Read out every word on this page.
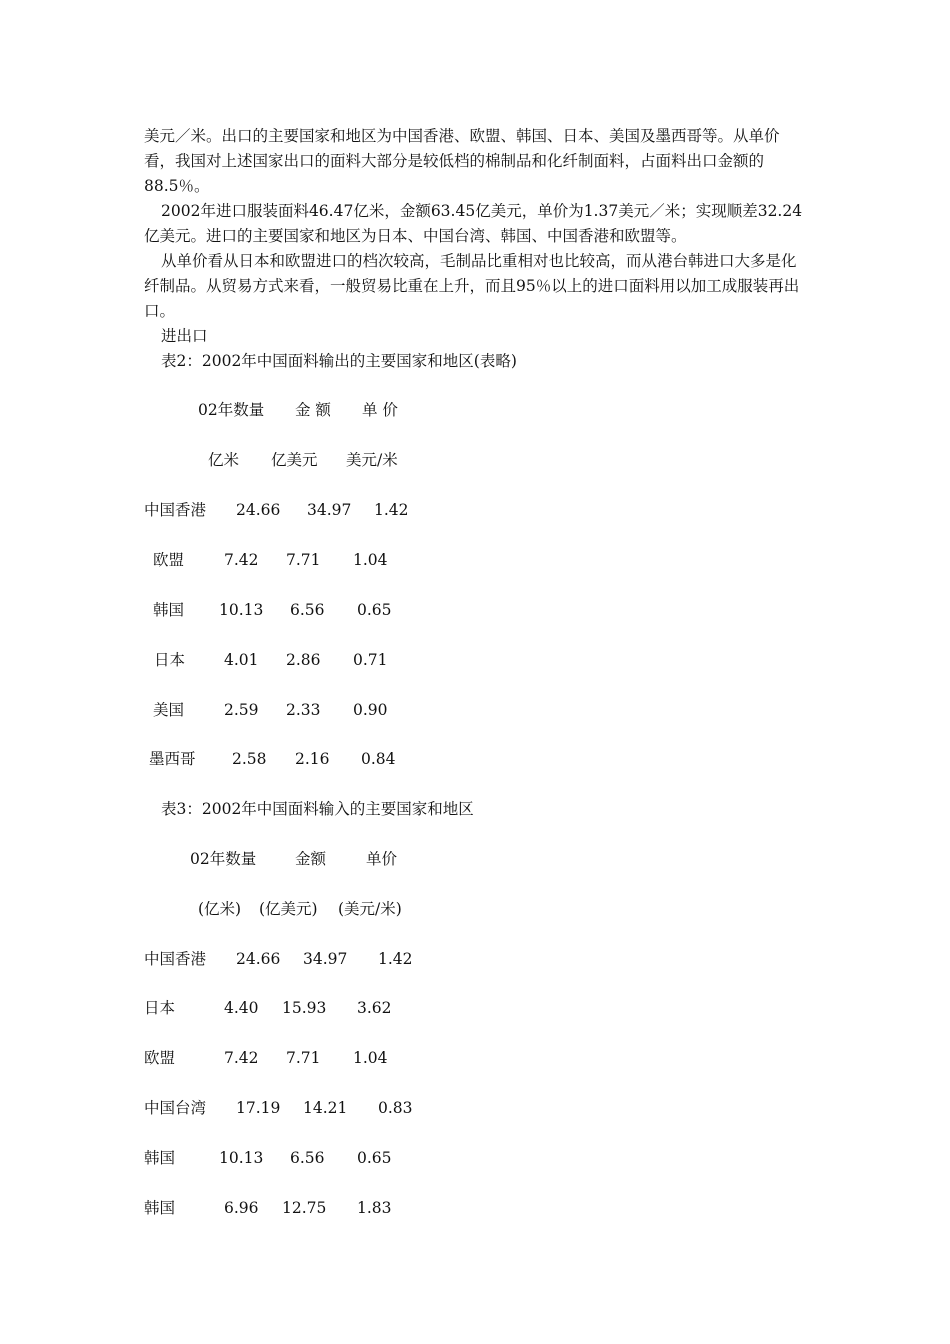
美元／米。出口的主要国家和地区为中国香港、欧盟、韩国、日本、美国及墨西哥等。从单价看，我国对上述国家出口的面料大部分是较低档的棉制品和化纤制面料，占面料出口金额的88.5％。

2002年进口服装面料46.47亿米，金额63.45亿美元，单价为1.37美元／米；实现顺差32.24亿美元。进口的主要国家和地区为日本、中国台湾、韩国、中国香港和欧盟等。

从单价看从日本和欧盟进口的档次较高，毛制品比重相对也比较高，而从港台韩进口大多是化纤制品。从贸易方式来看，一般贸易比重在上升，而且95％以上的进口面料用以加工成服装再出口。

进出口
表2：2002年中国面料输出的主要国家和地区(表略)
02年数量 金 额 单 价
亿米 亿美元 美元/米
中国香港 24.66 34.97 1.42
欧盟	7.42 7.71 1.04
韩国 10.13 6.56 0.65
日本	4.01 2.86 0.71
美国	2.59 2.33 0.90
墨西哥 2.58 2.16 0.84
表3：2002年中国面料输入的主要国家和地区
02年数量	金额	单价
(亿米) (亿美元) (美元/米)
中国香港 24.66 34.97 1.42
日本	4.40 15.93 3.62
欧盟	7.42 7.71 1.04
中国台湾 17.19 14.21 0.83
韩国	10.13 6.56 0.65
韩国	6.96 12.75 1.83
